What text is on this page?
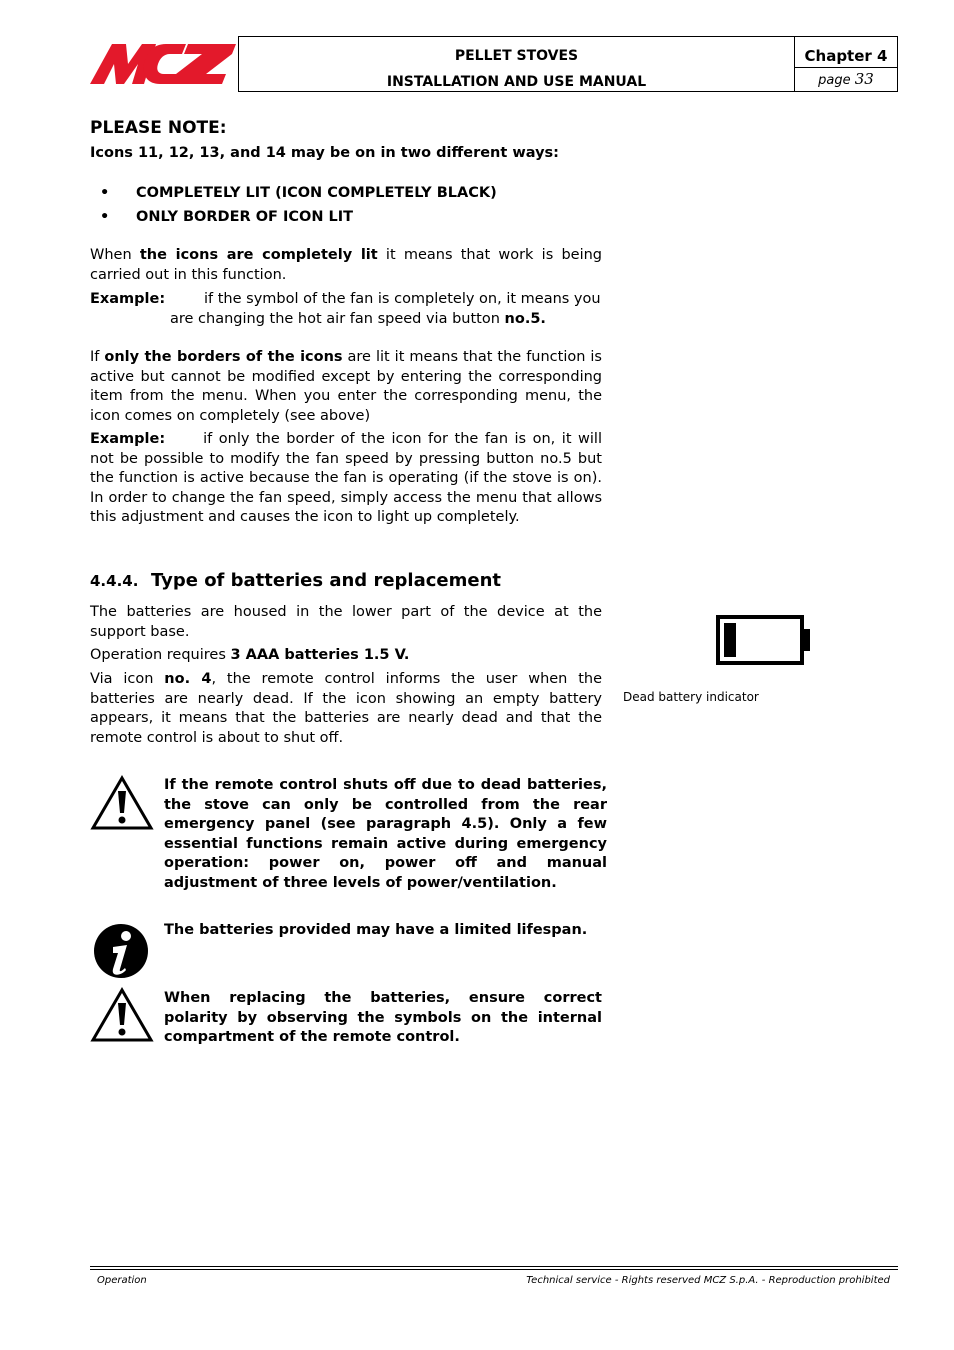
PELLET STOVES
INSTALLATION AND USE MANUAL
Chapter 4
page 33
PLEASE NOTE:
Icons 11, 12, 13, and 14 may be on in two different ways:
• COMPLETELY LIT (ICON COMPLETELY BLACK)
• ONLY BORDER OF ICON LIT
When the icons are completely lit it means that work is being carried out in this function.
Example:	if the symbol of the fan is completely on, it means you
are changing the hot air fan speed via button no.5.
If only the borders of the icons are lit it means that the function is active but cannot be modified except by entering the corresponding item from the menu. When you enter the corresponding menu, the icon comes on completely (see above)
Example:	if only the border of the icon for the fan is on, it will not be possible to modify the fan speed by pressing button no.5 but the function is active because the fan is operating (if the stove is on). In order to change the fan speed, simply access the menu that allows this adjustment and causes the icon to light up completely.
4.4.4. Type of batteries and replacement
The batteries are housed in the lower part of the device at the support base.
Operation requires 3 AAA batteries 1.5 V.
Via icon no. 4, the remote control informs the user when the batteries are nearly dead. If the icon showing an empty battery appears, it means that the batteries are nearly dead and that the remote control is about to shut off.
Dead battery indicator
If the remote control shuts off due to dead batteries, the stove can only be controlled from the rear emergency panel (see paragraph 4.5). Only a few essential functions remain active during emergency operation: power on, power off and manual adjustment of three levels of power/ventilation.
The batteries provided may have a limited lifespan.
When replacing the batteries, ensure correct polarity by observing the symbols on the internal compartment of the remote control.
Operation	Technical service - Rights reserved MCZ S.p.A. - Reproduction prohibited
